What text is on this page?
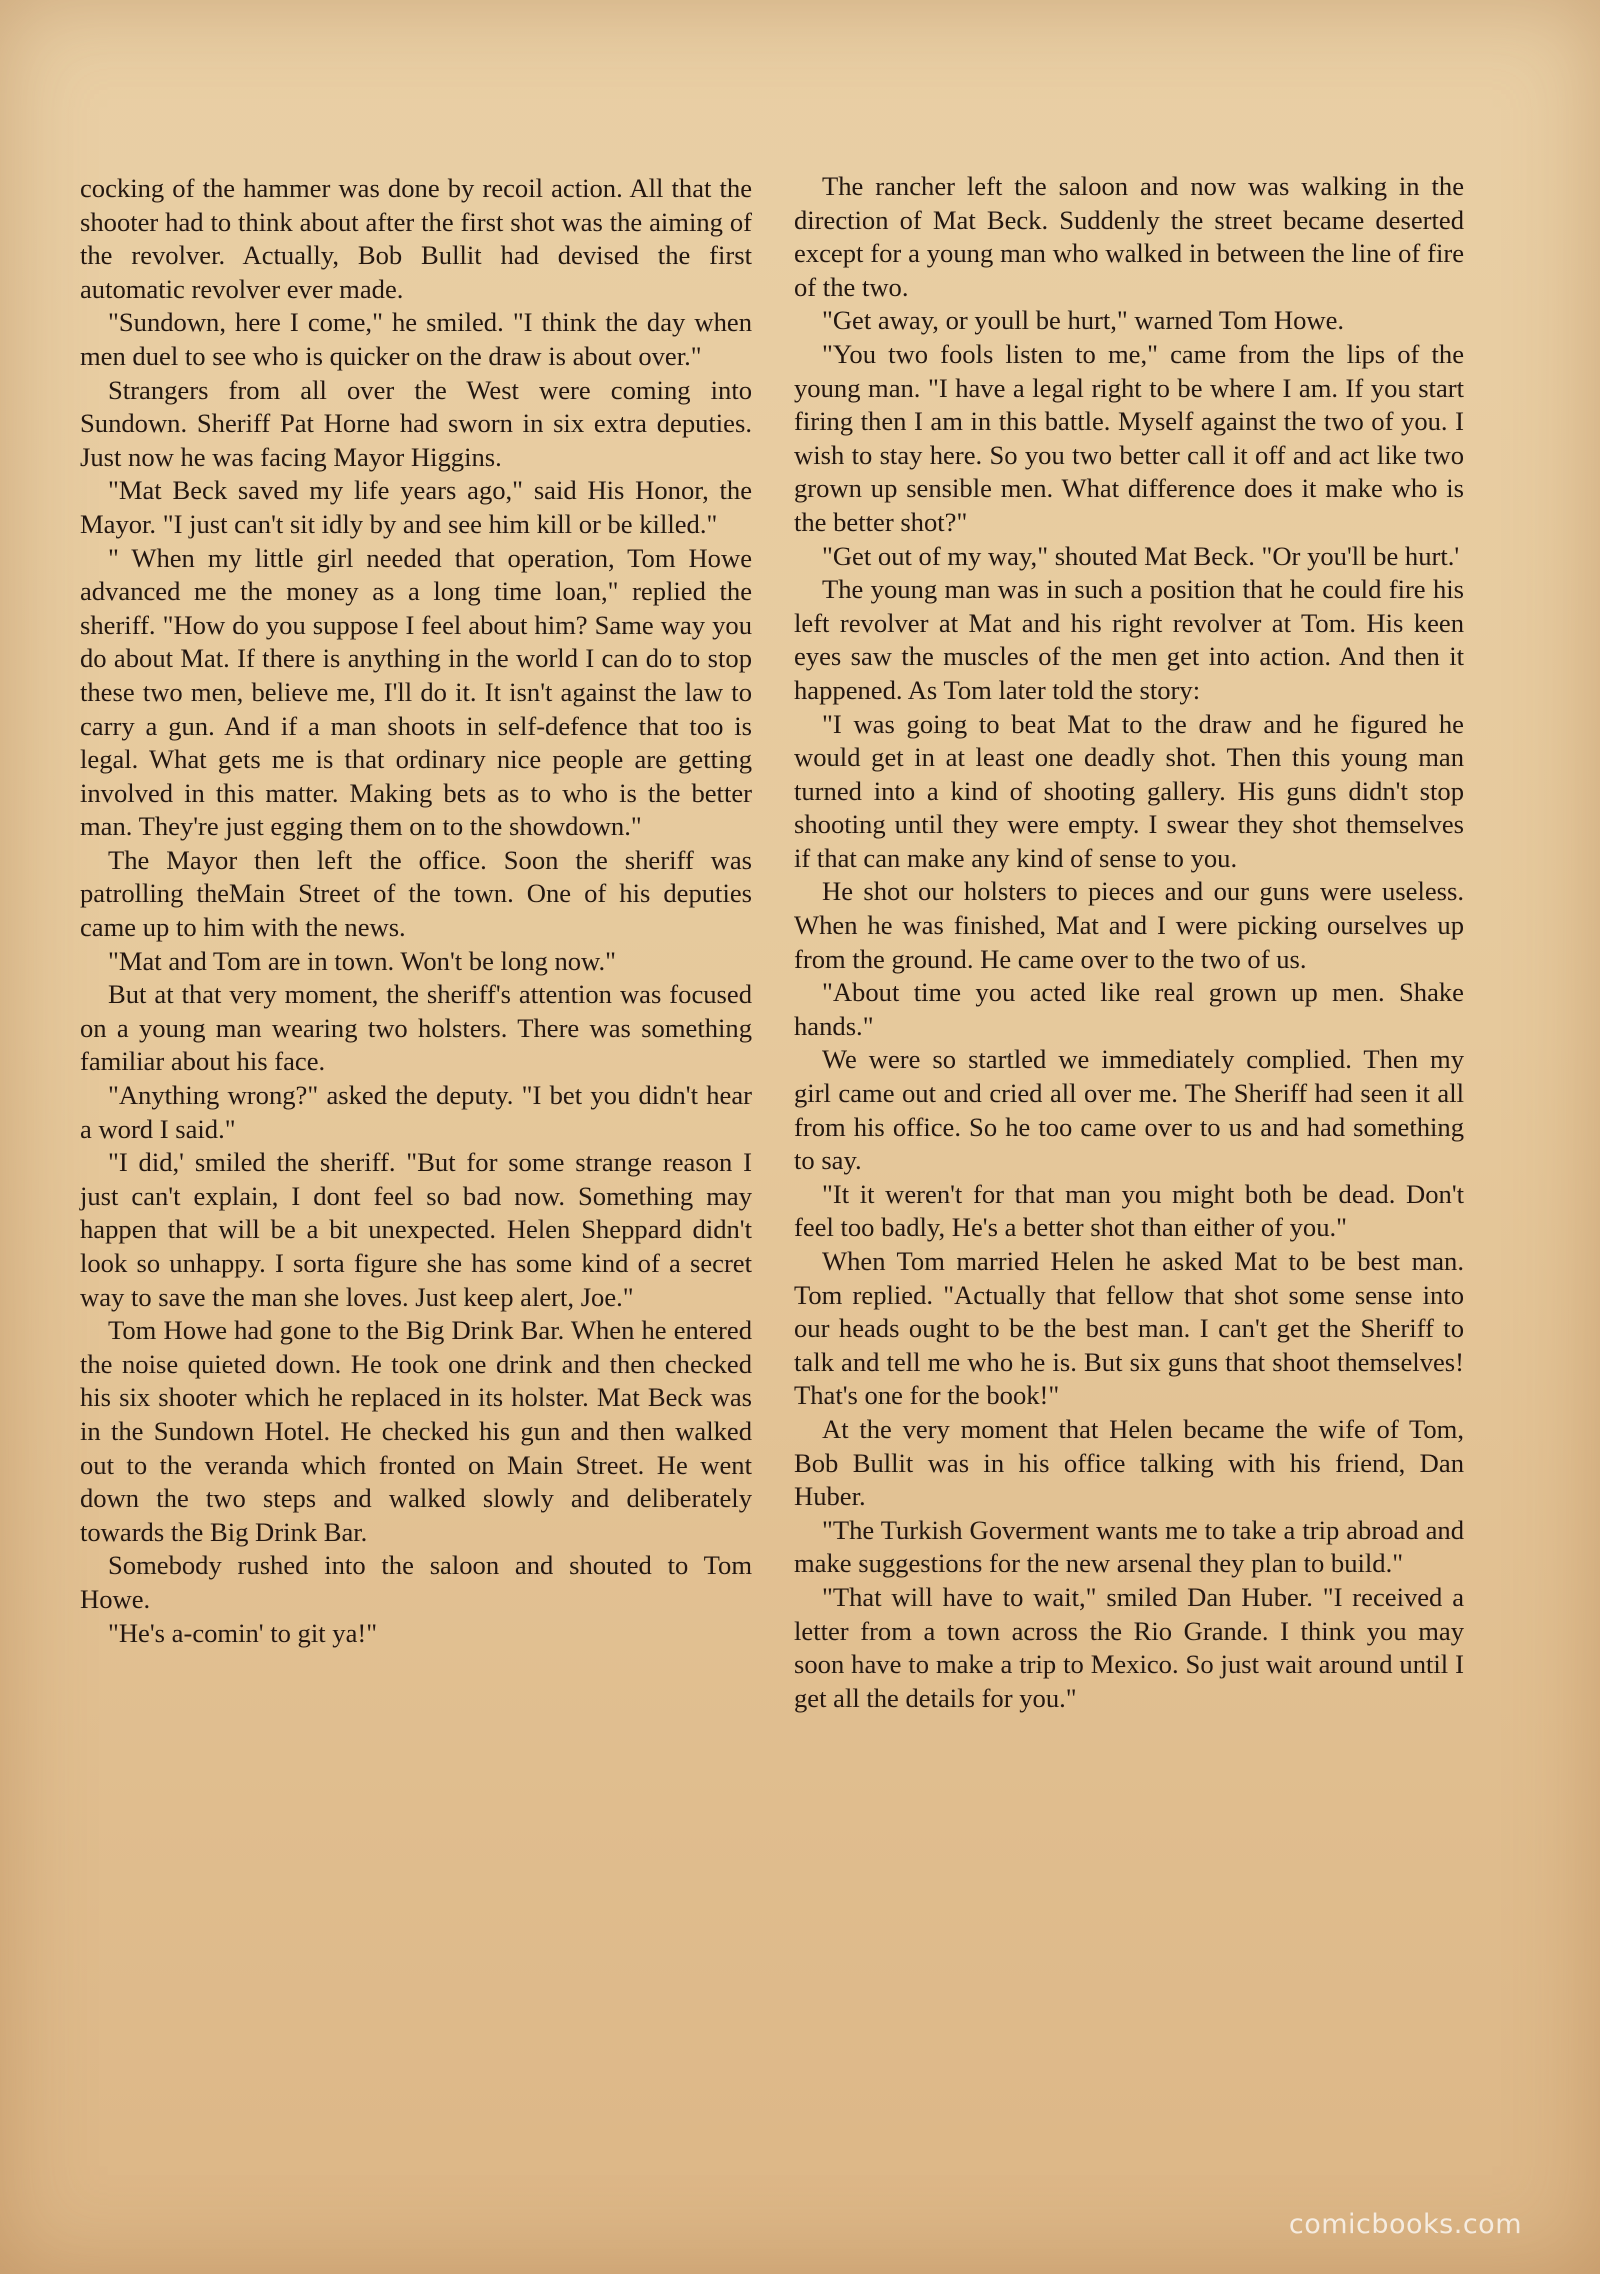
cocking of the hammer was done by recoil action. All that the shooter had to think about after the first shot was the aiming of the revolver. Actually, Bob Bullit had devised the first automatic revolver ever made.

"Sundown, here I come," he smiled. "I think the day when men duel to see who is quicker on the draw is about over."

Strangers from all over the West were coming into Sundown. Sheriff Pat Horne had sworn in six extra deputies. Just now he was facing Mayor Higgins.

"Mat Beck saved my life years ago," said His Honor, the Mayor. "I just can't sit idly by and see him kill or be killed."

" When my little girl needed that operation, Tom Howe advanced me the money as a long time loan," replied the sheriff. "How do you suppose I feel about him? Same way you do about Mat. If there is anything in the world I can do to stop these two men, believe me, I'll do it. It isn't against the law to carry a gun. And if a man shoots in self-defence that too is legal. What gets me is that ordinary nice people are getting involved in this matter. Making bets as to who is the better man. They're just egging them on to the showdown."

The Mayor then left the office. Soon the sheriff was patrolling theMain Street of the town. One of his deputies came up to him with the news.

"Mat and Tom are in town. Won't be long now."

But at that very moment, the sheriff's attention was focused on a young man wearing two holsters. There was something familiar about his face.

"Anything wrong?" asked the deputy. "I bet you didn't hear a word I said."

"I did,' smiled the sheriff. "But for some strange reason I just can't explain, I dont feel so bad now. Something may happen that will be a bit unexpected. Helen Sheppard didn't look so unhappy. I sorta figure she has some kind of a secret way to save the man she loves. Just keep alert, Joe."

Tom Howe had gone to the Big Drink Bar. When he entered the noise quieted down. He took one drink and then checked his six shooter which he replaced in its holster. Mat Beck was in the Sundown Hotel. He checked his gun and then walked out to the veranda which fronted on Main Street. He went down the two steps and walked slowly and deliberately towards the Big Drink Bar.

Somebody rushed into the saloon and shouted to Tom Howe.

"He's a-comin' to git ya!"

The rancher left the saloon and now was walking in the direction of Mat Beck. Suddenly the street became deserted except for a young man who walked in between the line of fire of the two.

"Get away, or youll be hurt," warned Tom Howe.

"You two fools listen to me," came from the lips of the young man. "I have a legal right to be where I am. If you start firing then I am in this battle. Myself against the two of you. I wish to stay here. So you two better call it off and act like two grown up sensible men. What difference does it make who is the better shot?"

"Get out of my way," shouted Mat Beck. "Or you'll be hurt.'

The young man was in such a position that he could fire his left revolver at Mat and his right revolver at Tom. His keen eyes saw the muscles of the men get into action. And then it happened. As Tom later told the story:

"I was going to beat Mat to the draw and he figured he would get in at least one deadly shot. Then this young man turned into a kind of shooting gallery. His guns didn't stop shooting until they were empty. I swear they shot themselves if that can make any kind of sense to you.

He shot our holsters to pieces and our guns were useless. When he was finished, Mat and I were picking ourselves up from the ground. He came over to the two of us.

"About time you acted like real grown up men. Shake hands."

We were so startled we immediately complied. Then my girl came out and cried all over me. The Sheriff had seen it all from his office. So he too came over to us and had something to say.

"It it weren't for that man you might both be dead. Don't feel too badly, He's a better shot than either of you."

When Tom married Helen he asked Mat to be best man. Tom replied. "Actually that fellow that shot some sense into our heads ought to be the best man. I can't get the Sheriff to talk and tell me who he is. But six guns that shoot themselves! That's one for the book!"

At the very moment that Helen became the wife of Tom, Bob Bullit was in his office talking with his friend, Dan Huber.

"The Turkish Goverment wants me to take a trip abroad and make suggestions for the new arsenal they plan to build."

"That will have to wait," smiled Dan Huber. "I received a letter from a town across the Rio Grande. I think you may soon have to make a trip to Mexico. So just wait around until I get all the details for you."

comicbooks.com
